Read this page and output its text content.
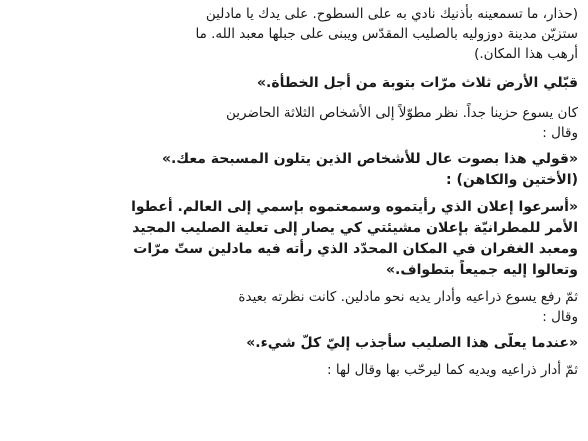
(حذار، ما تسمعينه بأذنيك نادي به على السطوح. على يدك يا مادلين
ستزيّن مدينة دوزوليه بالصليب المقدّس ويبنى على جبلها معبد الله. ما
أرهب هذا المكان.)
قبّلي الأرض ثلاث مرّات بتوبة من أجل الخطأة.»
كان يسوع حزينا جداً. نظر مطوّلاً إلى الأشخاص الثلاثة الحاضرين
وقال :
«قولي هذا بصوت عال للأشخاص الذين يتلون المسبحة معك.»
(الأختين والكاهن) :
«أسرعوا إعلان الذي رأيتموه وسمعتموه بإسمي إلى العالم. أعطوا
الأمر للمطرانيّة بإعلان مشيئتي كي يصار إلى تعلية الصليب المجيد
ومعبد الغفران في المكان المحدّد الذي رأته فيه مادلين ستّ مرّات
وتعالوا إليه جميعاً بتطواف.»
ثمّ رفع يسوع ذراعيه وأدار يديه نحو مادلين. كانت نظرته بعيدة
وقال :
«عندما يعلّى هذا الصليب سأجذب إليّ كلّ شيء.»
ثمّ أدار ذراعيه ويديه كما ليرحّب بها وقال لها :
